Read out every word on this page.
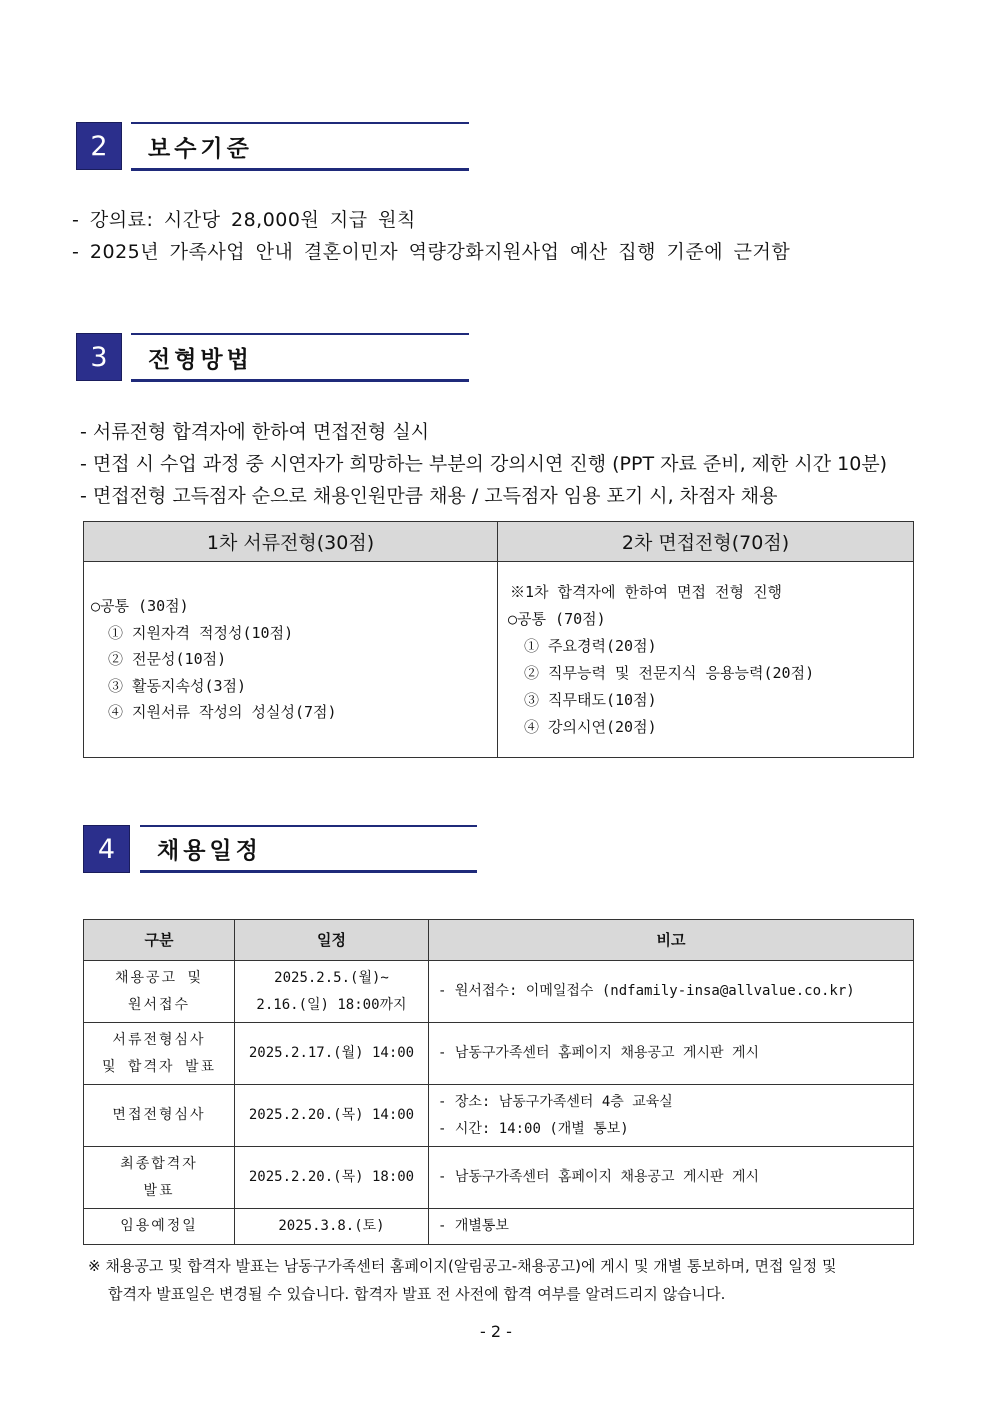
2 보수기준
- 강의료: 시간당 28,000원 지급 원칙
- 2025년 가족사업 안내 결혼이민자 역량강화지원사업 예산 집행 기준에 근거함
3 전형방법
- 서류전형 합격자에 한하여 면접전형 실시
- 면접 시 수업 과정 중 시연자가 희망하는 부분의 강의시연 진행 (PPT 자료 준비, 제한 시간 10분)
- 면접전형 고득점자 순으로 채용인원만큼 채용 / 고득점자 임용 포기 시, 차점자 채용
1차 서류전형(30점)	2차 면접전형(70점)
○공통 (30점)
① 지원자격 적정성(10점)
② 전문성(10점)
③ 활동지속성(3점)
④ 지원서류 작성의 성실성(7점)
※1차 합격자에 한하여 면접 전형 진행
○공통 (70점)
① 주요경력(20점)
② 직무능력 및 전문지식 응용능력(20점)
③ 직무태도(10점)
④ 강의시연(20점)
4 채용일정
구분	일정	비고
채용공고 및
원서접수
2025.2.5.(월)~
2.16.(일) 18:00까지
- 원서접수: 이메일접수 (ndfamily-insa@allvalue.co.kr)
서류전형심사
및 합격자 발표
2025.2.17.(월) 14:00 - 남동구가족센터 홈페이지 채용공고 게시판 게시
면접전형심사	2025.2.20.(목) 14:00
- 장소: 남동구가족센터 4층 교육실
- 시간: 14:00 (개별 통보)
최종합격자
발표
2025.2.20.(목) 18:00 - 남동구가족센터 홈페이지 채용공고 게시판 게시
임용예정일	2025.3.8.(토)	- 개별통보
※ 채용공고 및 합격자 발표는 남동구가족센터 홈페이지(알림공고-채용공고)에 게시 및 개별 통보하며, 면접 일정 및
합격자 발표일은 변경될 수 있습니다. 합격자 발표 전 사전에 합격 여부를 알려드리지 않습니다.
- 2 -
